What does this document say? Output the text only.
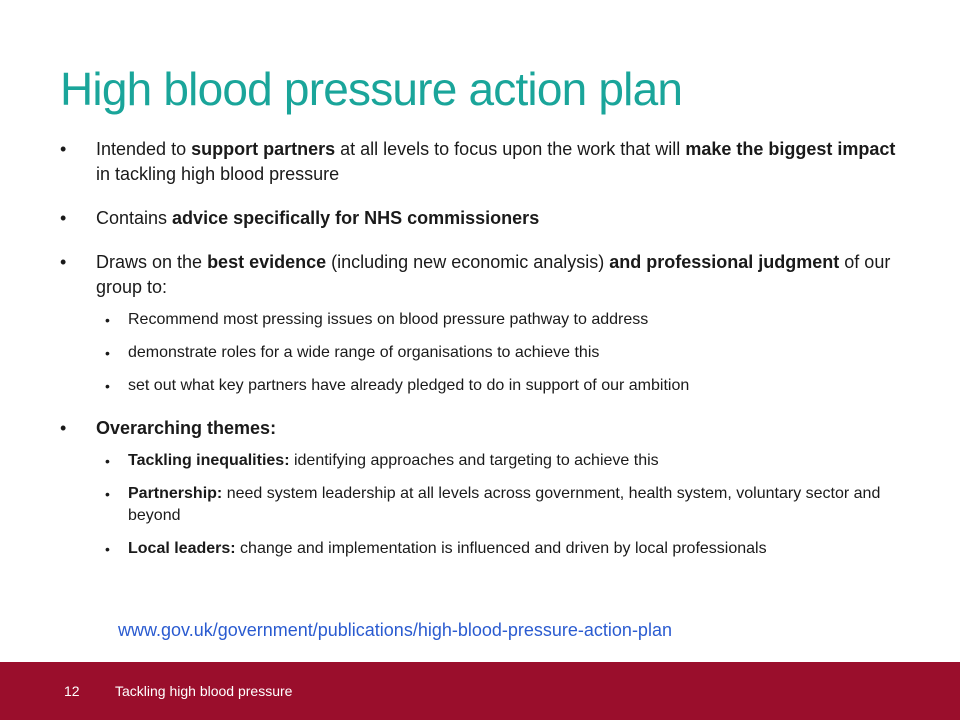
High blood pressure action plan
• Intended to support partners at all levels to focus upon the work that will make the biggest impact in tackling high blood pressure
• Contains advice specifically for NHS commissioners
• Draws on the best evidence (including new economic analysis) and professional judgment of our group to:
• Recommend most pressing issues on blood pressure pathway to address
• demonstrate roles for a wide range of organisations to achieve this
• set out what key partners have already pledged to do in support of our ambition
• Overarching themes:
• Tackling inequalities: identifying approaches and targeting to achieve this
• Partnership: need system leadership at all levels across government, health system, voluntary sector and beyond
• Local leaders: change and implementation is influenced and driven by local professionals
www.gov.uk/government/publications/high-blood-pressure-action-plan
12	Tackling high blood pressure
